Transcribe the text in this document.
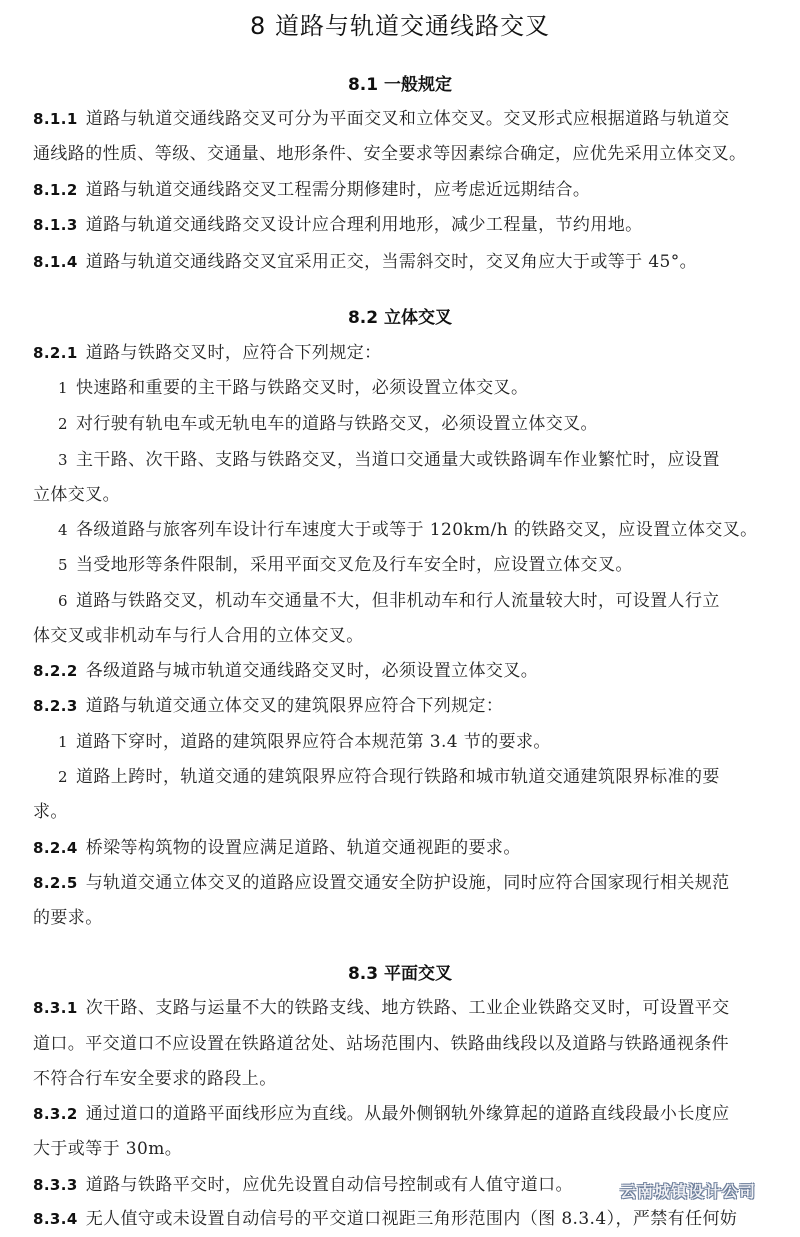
8 道路与轨道交通线路交叉
8.1 一般规定
8.1.1 道路与轨道交通线路交叉可分为平面交叉和立体交叉。交叉形式应根据道路与轨道交
通线路的性质、等级、交通量、地形条件、安全要求等因素综合确定，应优先采用立体交叉。
8.1.2 道路与轨道交通线路交叉工程需分期修建时，应考虑近远期结合。
8.1.3 道路与轨道交通线路交叉设计应合理利用地形，减少工程量，节约用地。
8.1.4 道路与轨道交通线路交叉宜采用正交，当需斜交时，交叉角应大于或等于 45°。
8.2 立体交叉
8.2.1 道路与铁路交叉时，应符合下列规定：
1 快速路和重要的主干路与铁路交叉时，必须设置立体交叉。
2 对行驶有轨电车或无轨电车的道路与铁路交叉，必须设置立体交叉。
3 主干路、次干路、支路与铁路交叉，当道口交通量大或铁路调车作业繁忙时，应设置
立体交叉。
4 各级道路与旅客列车设计行车速度大于或等于 120km/h 的铁路交叉，应设置立体交叉。
5 当受地形等条件限制，采用平面交叉危及行车安全时，应设置立体交叉。
6 道路与铁路交叉，机动车交通量不大，但非机动车和行人流量较大时，可设置人行立
体交叉或非机动车与行人合用的立体交叉。
8.2.2 各级道路与城市轨道交通线路交叉时，必须设置立体交叉。
8.2.3 道路与轨道交通立体交叉的建筑限界应符合下列规定：
1 道路下穿时，道路的建筑限界应符合本规范第 3.4 节的要求。
2 道路上跨时，轨道交通的建筑限界应符合现行铁路和城市轨道交通建筑限界标准的要
求。
8.2.4 桥梁等构筑物的设置应满足道路、轨道交通视距的要求。
8.2.5 与轨道交通立体交叉的道路应设置交通安全防护设施，同时应符合国家现行相关规范
的要求。
8.3 平面交叉
8.3.1 次干路、支路与运量不大的铁路支线、地方铁路、工业企业铁路交叉时，可设置平交
道口。平交道口不应设置在铁路道岔处、站场范围内、铁路曲线段以及道路与铁路通视条件
不符合行车安全要求的路段上。
8.3.2 通过道口的道路平面线形应为直线。从最外侧钢轨外缘算起的道路直线段最小长度应
大于或等于 30m。
8.3.3 道路与铁路平交时，应优先设置自动信号控制或有人值守道口。
8.3.4 无人值守或未设置自动信号的平交道口视距三角形范围内（图 8.3.4），严禁有任何妨
云南城镇设计公司
